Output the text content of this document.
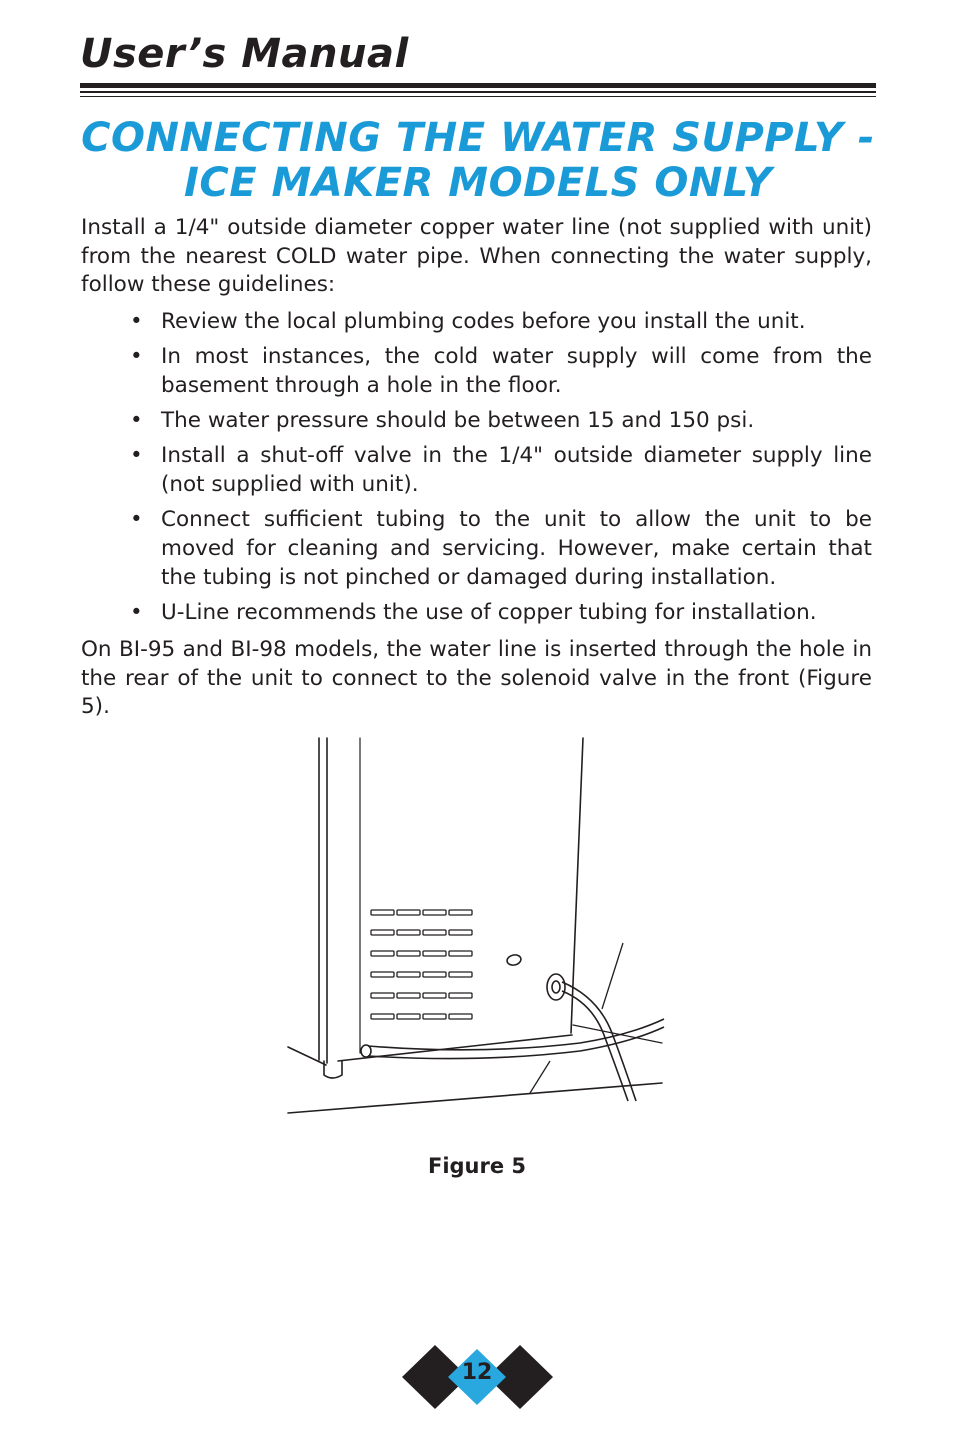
User’s Manual
CONNECTING THE WATER SUPPLY -
ICE MAKER MODELS ONLY

Install a 1/4" outside diameter copper water line (not supplied with unit) from the nearest COLD water pipe. When connecting the water supply, follow these guidelines:

• Review the local plumbing codes before you install the unit.
• In most instances, the cold water supply will come from the basement through a hole in the floor.
• The water pressure should be between 15 and 150 psi.
• Install a shut-off valve in the 1/4" outside diameter supply line (not supplied with unit).
• Connect sufficient tubing to the unit to allow the unit to be moved for cleaning and servicing. However, make certain that the tubing is not pinched or damaged during installation.
• U-Line recommends the use of copper tubing for installation.

On BI-95 and BI-98 models, the water line is inserted through the hole in the rear of the unit to connect to the solenoid valve in the front (Figure 5).

Figure 5
12
